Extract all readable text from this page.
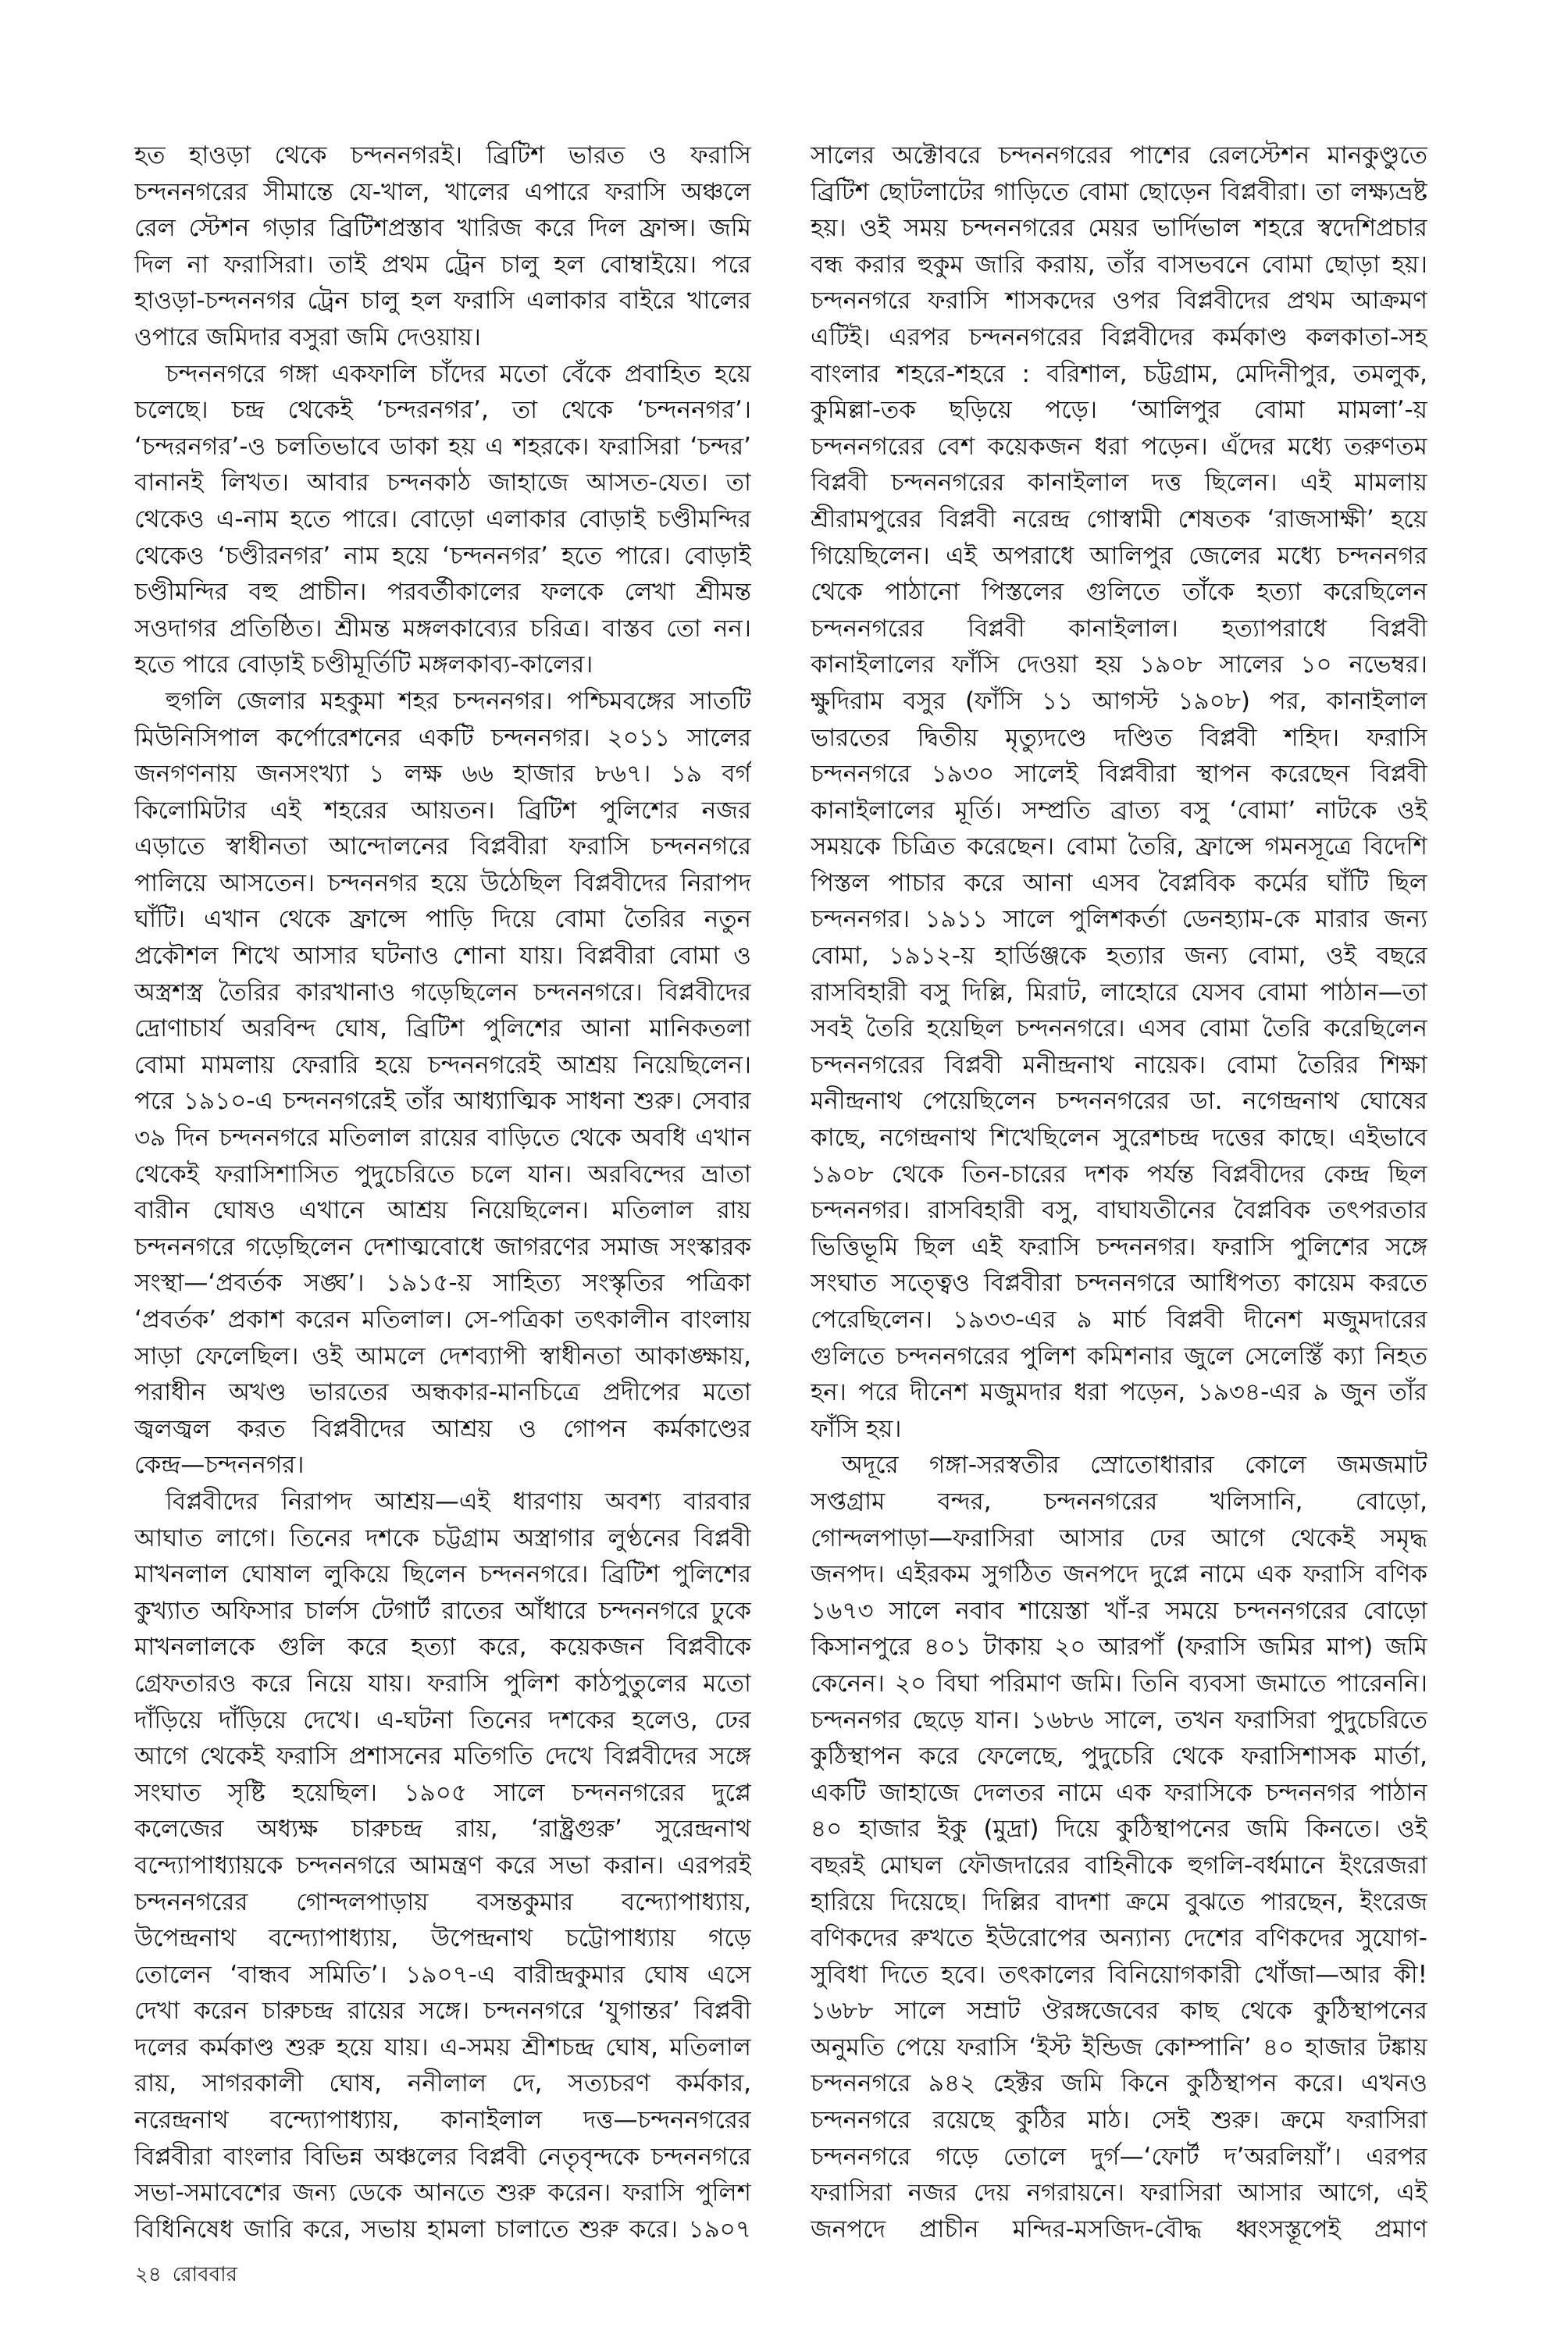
হত হাওড়া থেকে চন্দননগরই। ব্রিটিশ ভারত ও ফরাসি
চন্দননগরের সীমান্তে যে-খাল, খালের এপারে ফরাসি অঞ্চলে
রেল স্টেশন গড়ার ব্রিটিশপ্রস্তাব খারিজ করে দিল ফ্রান্স। জমি
দিল না ফরাসিরা। তাই প্রথম ট্রেন চালু হল বোম্বাইয়ে। পরে
হাওড়া-চন্দননগর ট্রেন চালু হল ফরাসি এলাকার বাইরে খালের
ওপারে জমিদার বসুরা জমি দেওয়ায়।
চন্দননগরে গঙ্গা একফালি চাঁদের মতো বেঁকে প্রবাহিত হয়ে
চলেছে। চন্দ্র থেকেই ‘চন্দরনগর’, তা থেকে ‘চন্দননগর’।
‘চন্দরনগর’-ও চলতিভাবে ডাকা হয় এ শহরকে। ফরাসিরা ‘চন্দর’
বানানই লিখত। আবার চন্দনকাঠ জাহাজে আসত-যেত। তা
থেকেও এ-নাম হতে পারে। বোড়ো এলাকার বোড়াই চণ্ডীমন্দির
থেকেও ‘চণ্ডীরনগর’ নাম হয়ে ‘চন্দননগর’ হতে পারে। বোড়াই
চণ্ডীমন্দির বহু প্রাচীন। পরবর্তীকালের ফলকে লেখা শ্রীমন্ত
সওদাগর প্রতিষ্ঠিত। শ্রীমন্ত মঙ্গলকাব্যের চরিত্র। বাস্তব তো নন।
হতে পারে বোড়াই চণ্ডীমূর্তিটি মঙ্গলকাব্য-কালের।
হুগলি জেলার মহকুমা শহর চন্দননগর। পশ্চিমবঙ্গের সাতটি
মিউনিসিপাল কর্পোরেশনের একটি চন্দননগর। ২০১১ সালের
জনগণনায় জনসংখ্যা ১ লক্ষ ৬৬ হাজার ৮৬৭। ১৯ বর্গ
কিলোমিটার এই শহরের আয়তন। ব্রিটিশ পুলিশের নজর
এড়াতে স্বাধীনতা আন্দোলনের বিপ্লবীরা ফরাসি চন্দননগরে
পালিয়ে আসতেন। চন্দননগর হয়ে উঠেছিল বিপ্লবীদের নিরাপদ
ঘাঁটি। এখান থেকে ফ্রান্সে পাড়ি দিয়ে বোমা তৈরির নতুন
প্রকৌশল শিখে আসার ঘটনাও শোনা যায়। বিপ্লবীরা বোমা ও
অস্ত্রশস্ত্র তৈরির কারখানাও গড়েছিলেন চন্দননগরে। বিপ্লবীদের
দ্রোণাচার্য অরবিন্দ ঘোষ, ব্রিটিশ পুলিশের আনা মানিকতলা
বোমা মামলায় ফেরারি হয়ে চন্দননগরেই আশ্রয় নিয়েছিলেন।
পরে ১৯১০-এ চন্দননগরেই তাঁর আধ্যাত্মিক সাধনা শুরু। সেবার
৩৯ দিন চন্দননগরে মতিলাল রায়ের বাড়িতে থেকে অবধি এখান
থেকেই ফরাসিশাসিত পুদুচেরিতে চলে যান। অরবিন্দের ভ্রাতা
বারীন ঘোষও এখানে আশ্রয় নিয়েছিলেন। মতিলাল রায়
চন্দননগরে গড়েছিলেন দেশাত্মবোধে জাগরণের সমাজ সংস্কারক
সংস্থা—‘প্রবর্তক সঙ্ঘ’। ১৯১৫-য় সাহিত্য সংস্কৃতির পত্রিকা
‘প্রবর্তক’ প্রকাশ করেন মতিলাল। সে-পত্রিকা তৎকালীন বাংলায়
সাড়া ফেলেছিল। ওই আমলে দেশব্যাপী স্বাধীনতা আকাঙ্ক্ষায়,
পরাধীন অখণ্ড ভারতের অন্ধকার-মানচিত্রে প্রদীপের মতো
জ্বলজ্বল করত বিপ্লবীদের আশ্রয় ও গোপন কর্মকাণ্ডের
কেন্দ্র—চন্দননগর।
বিপ্লবীদের নিরাপদ আশ্রয়—এই ধারণায় অবশ্য বারবার
আঘাত লাগে। তিনের দশকে চট্টগ্রাম অস্ত্রাগার লুণ্ঠনের বিপ্লবী
মাখনলাল ঘোষাল লুকিয়ে ছিলেন চন্দননগরে। ব্রিটিশ পুলিশের
কুখ্যাত অফিসার চার্লস টেগার্ট রাতের আঁধারে চন্দননগরে ঢুকে
মাখনলালকে গুলি করে হত্যা করে, কয়েকজন বিপ্লবীকে
গ্রেফতারও করে নিয়ে যায়। ফরাসি পুলিশ কাঠপুতুলের মতো
দাঁড়িয়ে দাঁড়িয়ে দেখে। এ-ঘটনা তিনের দশকের হলেও, ঢের
আগে থেকেই ফরাসি প্রশাসনের মতিগতি দেখে বিপ্লবীদের সঙ্গে
সংঘাত সৃষ্টি হয়েছিল। ১৯০৫ সালে চন্দননগরের দুপ্লে
কলেজের অধ্যক্ষ চারুচন্দ্র রায়, ‘রাষ্ট্রগুরু’ সুরেন্দ্রনাথ
বন্দ্যোপাধ্যায়কে চন্দননগরে আমন্ত্রণ করে সভা করান। এরপরই
চন্দননগরের গোন্দলপাড়ায় বসন্তকুমার বন্দ্যোপাধ্যায়,
উপেন্দ্রনাথ বন্দ্যোপাধ্যায়, উপেন্দ্রনাথ চট্টোপাধ্যায় গড়ে
তোলেন ‘বান্ধব সমিতি’। ১৯০৭-এ বারীন্দ্রকুমার ঘোষ এসে
দেখা করেন চারুচন্দ্র রায়ের সঙ্গে। চন্দননগরে ‘যুগান্তর’ বিপ্লবী
দলের কর্মকাণ্ড শুরু হয়ে যায়। এ-সময় শ্রীশচন্দ্র ঘোষ, মতিলাল
রায়, সাগরকালী ঘোষ, ননীলাল দে, সত্যচরণ কর্মকার,
নরেন্দ্রনাথ বন্দ্যোপাধ্যায়, কানাইলাল দত্ত—চন্দননগরের
বিপ্লবীরা বাংলার বিভিন্ন অঞ্চলের বিপ্লবী নেতৃবৃন্দকে চন্দননগরে
সভা-সমাবেশের জন্য ডেকে আনতে শুরু করেন। ফরাসি পুলিশ
বিধিনিষেধ জারি করে, সভায় হামলা চালাতে শুরু করে। ১৯০৭
সালের অক্টোবরে চন্দননগরের পাশের রেলস্টেশন মানকুণ্ডুতে
ব্রিটিশ ছোটলাটের গাড়িতে বোমা ছোড়েন বিপ্লবীরা। তা লক্ষ্যভ্রষ্ট
হয়। ওই সময় চন্দননগরের মেয়র ভার্দিভাল শহরে স্বদেশিপ্রচার
বন্ধ করার হুকুম জারি করায়, তাঁর বাসভবনে বোমা ছোড়া হয়।
চন্দননগরে ফরাসি শাসকদের ওপর বিপ্লবীদের প্রথম আক্রমণ
এটিই। এরপর চন্দননগরের বিপ্লবীদের কর্মকাণ্ড কলকাতা-সহ
বাংলার শহরে-শহরে : বরিশাল, চট্টগ্রাম, মেদিনীপুর, তমলুক,
কুমিল্লা-তক ছড়িয়ে পড়ে। ‘আলিপুর বোমা মামলা’-য়
চন্দননগরের বেশ কয়েকজন ধরা পড়েন। এঁদের মধ্যে তরুণতম
বিপ্লবী চন্দননগরের কানাইলাল দত্ত ছিলেন। এই মামলায়
শ্রীরামপুরের বিপ্লবী নরেন্দ্র গোস্বামী শেষতক ‘রাজসাক্ষী’ হয়ে
গিয়েছিলেন। এই অপরাধে আলিপুর জেলের মধ্যে চন্দননগর
থেকে পাঠানো পিস্তলের গুলিতে তাঁকে হত্যা করেছিলেন
চন্দননগরের বিপ্লবী কানাইলাল। হত্যাপরাধে বিপ্লবী
কানাইলালের ফাঁসি দেওয়া হয় ১৯০৮ সালের ১০ নভেম্বর।
ক্ষুদিরাম বসুর (ফাঁসি ১১ আগস্ট ১৯০৮) পর, কানাইলাল
ভারতের দ্বিতীয় মৃত্যুদণ্ডে দণ্ডিত বিপ্লবী শহিদ। ফরাসি
চন্দননগরে ১৯৩০ সালেই বিপ্লবীরা স্থাপন করেছেন বিপ্লবী
কানাইলালের মূর্তি। সম্প্রতি ব্রাত্য বসু ‘বোমা’ নাটকে ওই
সময়কে চিত্রিত করেছেন। বোমা তৈরি, ফ্রান্সে গমনসূত্রে বিদেশি
পিস্তল পাচার করে আনা এসব বৈপ্লবিক কর্মের ঘাঁটি ছিল
চন্দননগর। ১৯১১ সালে পুলিশকর্তা ডেনহ্যাম-কে মারার জন্য
বোমা, ১৯১২-য় হার্ডিঞ্জকে হত্যার জন্য বোমা, ওই বছরে
রাসবিহারী বসু দিল্লি, মিরাট, লাহোরে যেসব বোমা পাঠান—তা
সবই তৈরি হয়েছিল চন্দননগরে। এসব বোমা তৈরি করেছিলেন
চন্দননগরের বিপ্লবী মনীন্দ্রনাথ নায়েক। বোমা তৈরির শিক্ষা
মনীন্দ্রনাথ পেয়েছিলেন চন্দননগরের ডা. নগেন্দ্রনাথ ঘোষের
কাছে, নগেন্দ্রনাথ শিখেছিলেন সুরেশচন্দ্র দত্তের কাছে। এইভাবে
১৯০৮ থেকে তিন-চারের দশক পর্যন্ত বিপ্লবীদের কেন্দ্র ছিল
চন্দননগর। রাসবিহারী বসু, বাঘাযতীনের বৈপ্লবিক তৎপরতার
ভিত্তিভূমি ছিল এই ফরাসি চন্দননগর। ফরাসি পুলিশের সঙ্গে
সংঘাত সত্ত্বেও বিপ্লবীরা চন্দননগরে আধিপত্য কায়েম করতে
পেরেছিলেন। ১৯৩৩-এর ৯ মার্চ বিপ্লবী দীনেশ মজুমদারের
গুলিতে চন্দননগরের পুলিশ কমিশনার জুলে সেলেস্তিঁ ক্যা নিহত
হন। পরে দীনেশ মজুমদার ধরা পড়েন, ১৯৩৪-এর ৯ জুন তাঁর
ফাঁসি হয়।
অদূরে গঙ্গা-সরস্বতীর স্রোতোধারার কোলে জমজমাট
সপ্তগ্রাম বন্দর, চন্দননগরের খলিসানি, বোড়ো,
গোন্দলপাড়া—ফরাসিরা আসার ঢের আগে থেকেই সমৃদ্ধ
জনপদ। এইরকম সুগঠিত জনপদে দুপ্লে নামে এক ফরাসি বণিক
১৬৭৩ সালে নবাব শায়েস্তা খাঁ-র সময়ে চন্দননগরের বোড়ো
কিসানপুরে ৪০১ টাকায় ২০ আরপাঁ (ফরাসি জমির মাপ) জমি
কেনেন। ২০ বিঘা পরিমাণ জমি। তিনি ব্যবসা জমাতে পারেননি।
চন্দননগর ছেড়ে যান। ১৬৮৬ সালে, তখন ফরাসিরা পুদুচেরিতে
কুঠিস্থাপন করে ফেলেছে, পুদুচেরি থেকে ফরাসিশাসক মার্তা,
একটি জাহাজে দেলতর নামে এক ফরাসিকে চন্দননগর পাঠান
৪০ হাজার ইকু (মুদ্রা) দিয়ে কুঠিস্থাপনের জমি কিনতে। ওই
বছরই মোঘল ফৌজদারের বাহিনীকে হুগলি-বর্ধমানে ইংরেজরা
হারিয়ে দিয়েছে। দিল্লির বাদশা ক্রমে বুঝতে পারছেন, ইংরেজ
বণিকদের রুখতে ইউরোপের অন্যান্য দেশের বণিকদের সুযোগ-
সুবিধা দিতে হবে। তৎকালের বিনিয়োগকারী খোঁজা—আর কী!
১৬৮৮ সালে সম্রাট ঔরঙ্গজেবের কাছ থেকে কুঠিস্থাপনের
অনুমতি পেয়ে ফরাসি ‘ইস্ট ইন্ডিজ কোম্পানি’ ৪০ হাজার টঙ্কায়
চন্দননগরে ৯৪২ হেক্টর জমি কিনে কুঠিস্থাপন করে। এখনও
চন্দননগরে রয়েছে কুঠির মাঠ। সেই শুরু। ক্রমে ফরাসিরা
চন্দননগরে গড়ে তোলে দুর্গ—‘ফোর্ট দ’অরলিয়াঁ’। এরপর
ফরাসিরা নজর দেয় নগরায়নে। ফরাসিরা আসার আগে, এই
জনপদে প্রাচীন মন্দির-মসজিদ-বৌদ্ধ ধ্বংসস্তূপেই প্রমাণ
২৪ রোববার
